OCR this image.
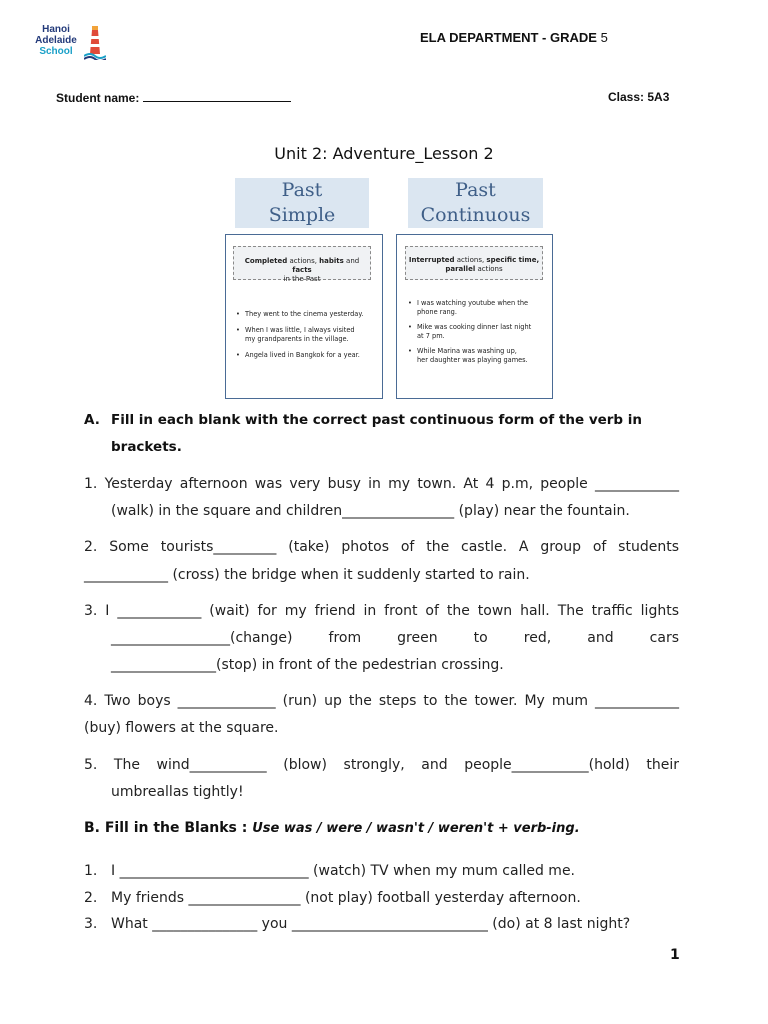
Hanoi
Adelaide
School
ELA DEPARTMENT - GRADE 5
Student name:	Class: 5A3
Unit 2: Adventure_Lesson 2
Past
Simple
Past
Continuous
Completed actions, habits and facts
in the Past
• They went to the cinema yesterday.
• When I was little, I always visited
my grandparents in the village.
• Angela lived in Bangkok for a year.
Interrupted actions, specific time,
parallel actions
• I was watching youtube when the
phone rang.
• Mike was cooking dinner last night
at 7 pm.
• While Marina was washing up,
her daughter was playing games.
A. Fill in each blank with the correct past continuous form of the verb in
brackets.
1. Yesterday afternoon was very busy in my town. At 4 p.m, people ____________
(walk) in the square and children________________ (play) near the fountain.
2. Some tourists_________ (take) photos of the castle. A group of students
____________ (cross) the bridge when it suddenly started to rain.
3. I ____________ (wait) for my friend in front of the town hall. The traffic lights
_________________(change) from green to red, and cars
_______________(stop) in front of the pedestrian crossing.
4. Two boys ______________ (run) up the steps to the tower. My mum ____________
(buy) flowers at the square.
5. The wind___________ (blow) strongly, and people___________(hold) their
umbreallas tightly!
B. Fill in the Blanks : Use was / were / wasn't / weren't + verb-ing.
1. I ___________________________ (watch) TV when my mum called me.
2. My friends ________________ (not play) football yesterday afternoon.
3. What _______________ you ____________________________ (do) at 8 last night?
1
